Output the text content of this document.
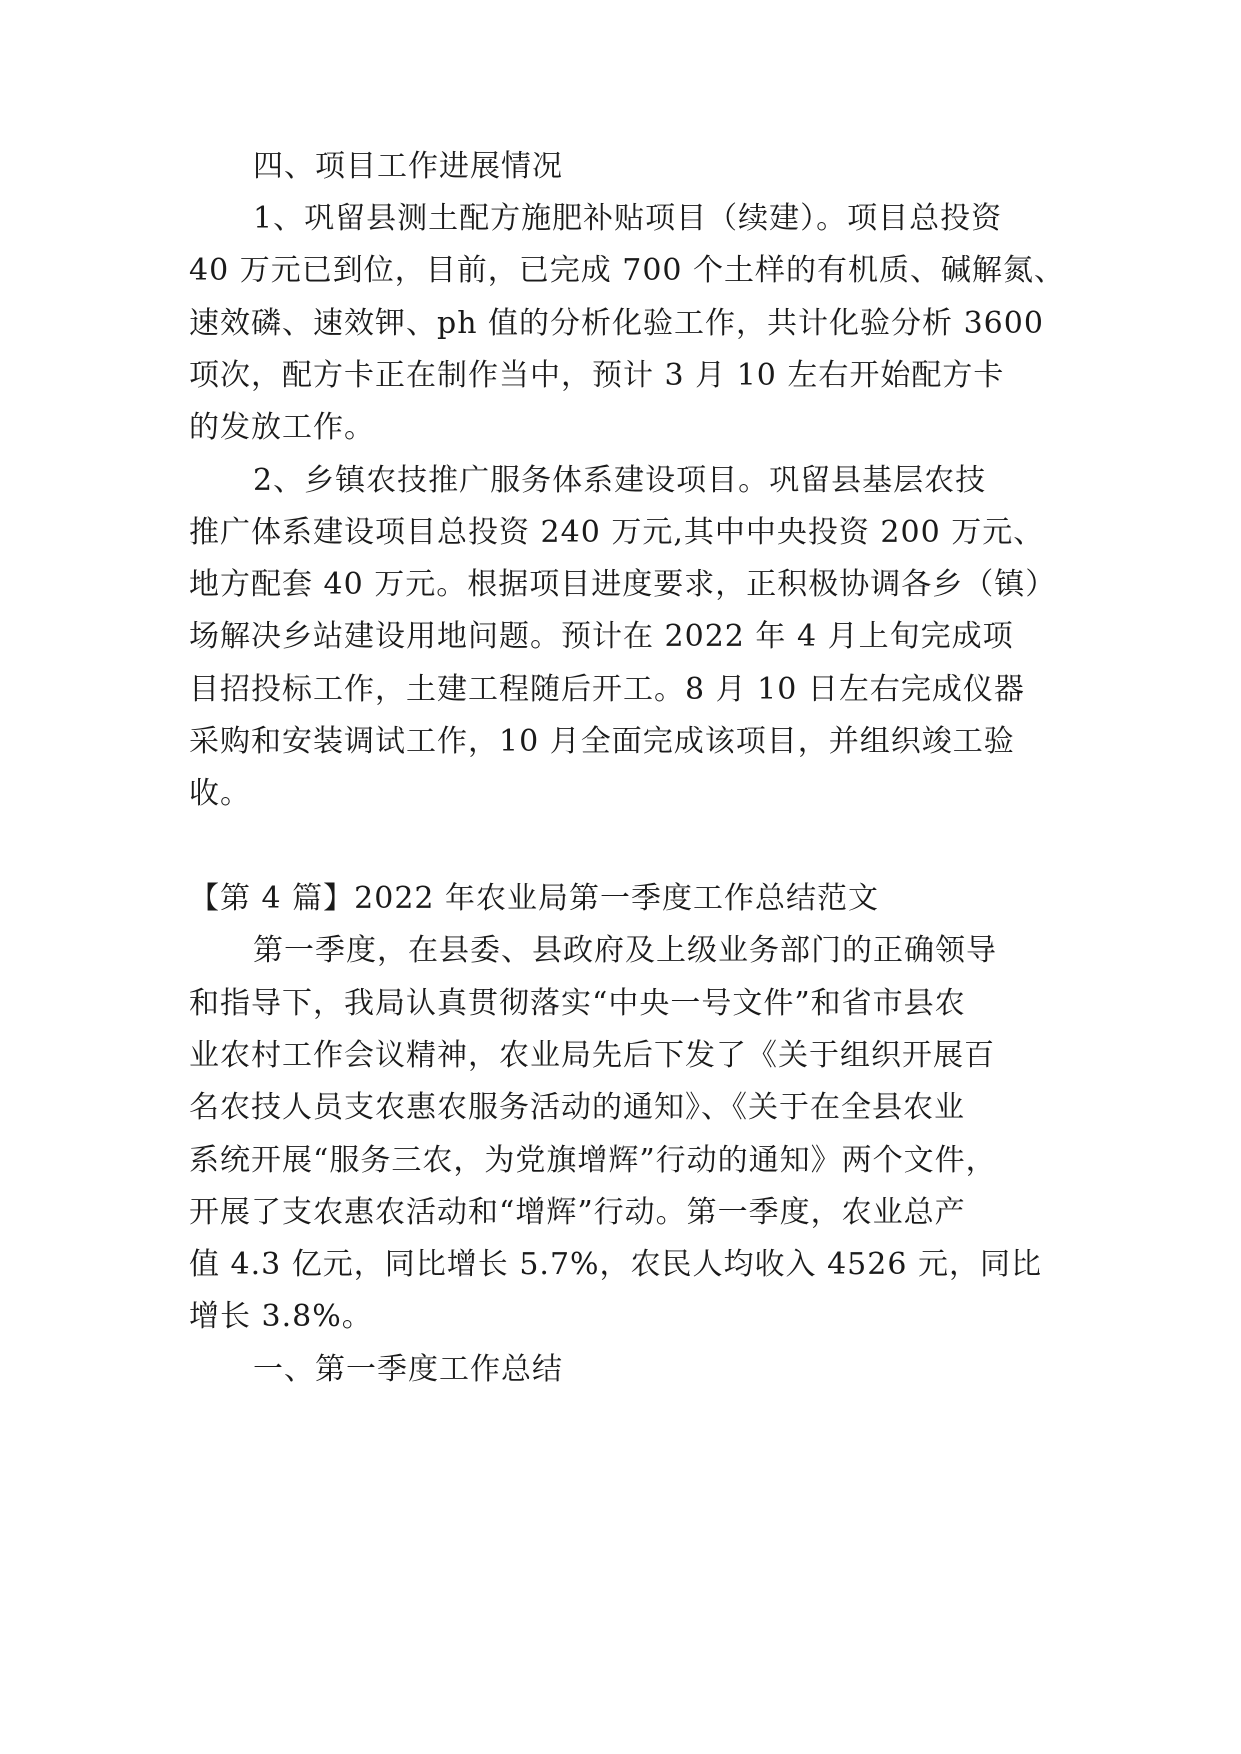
四、项目工作进展情况
1、巩留县测土配方施肥补贴项目（续建）。项目总投资
40 万元已到位，目前，已完成 700 个土样的有机质、碱解氮、
速效磷、速效钾、ph 值的分析化验工作，共计化验分析 3600
项次，配方卡正在制作当中，预计 3 月 10 左右开始配方卡
的发放工作。
2、乡镇农技推广服务体系建设项目。巩留县基层农技
推广体系建设项目总投资 240 万元,其中中央投资 200 万元、
地方配套 40 万元。根据项目进度要求，正积极协调各乡（镇）
场解决乡站建设用地问题。预计在 2022 年 4 月上旬完成项
目招投标工作，土建工程随后开工。8 月 10 日左右完成仪器
采购和安装调试工作，10 月全面完成该项目，并组织竣工验
收。
【第 4 篇】2022 年农业局第一季度工作总结范文
第一季度，在县委、县政府及上级业务部门的正确领导
和指导下，我局认真贯彻落实“中央一号文件”和省市县农
业农村工作会议精神，农业局先后下发了《关于组织开展百
名农技人员支农惠农服务活动的通知》、《关于在全县农业
系统开展“服务三农，为党旗增辉”行动的通知》两个文件，
开展了支农惠农活动和“增辉”行动。第一季度，农业总产
值 4.3 亿元，同比增长 5.7%，农民人均收入 4526 元，同比
增长 3.8%。
一、第一季度工作总结
